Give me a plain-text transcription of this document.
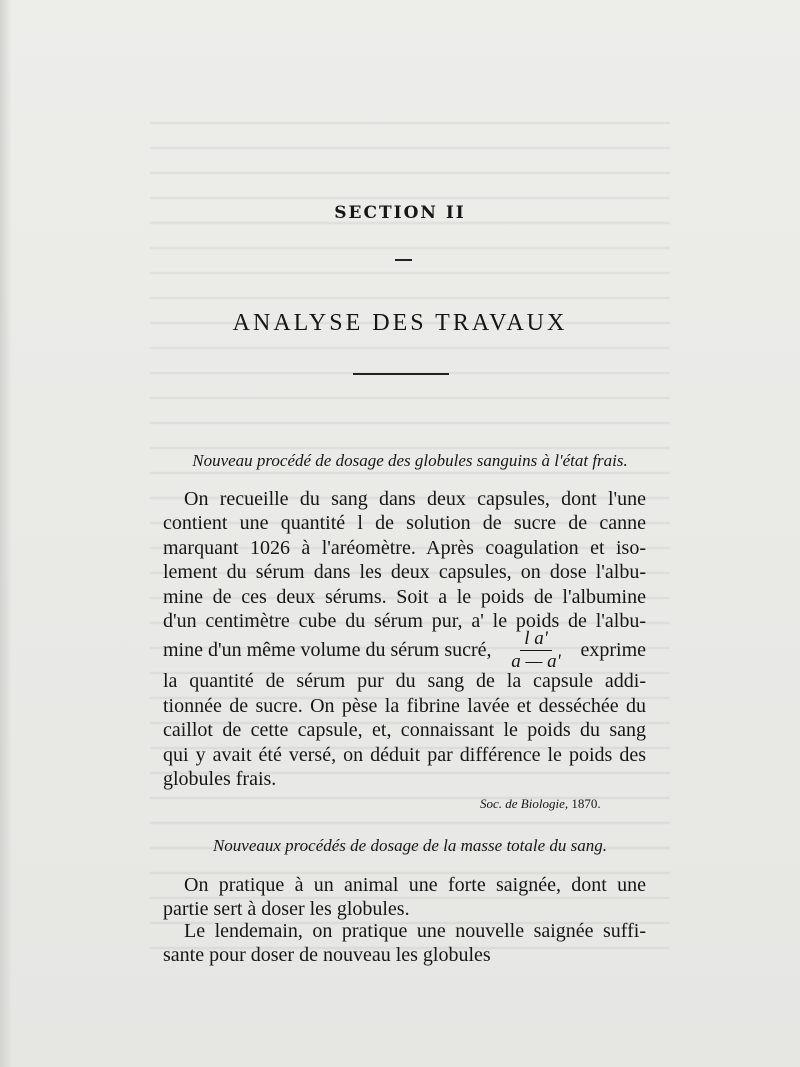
SECTION II
ANALYSE DES TRAVAUX

Nouveau procédé de dosage des globules sanguins à l'état frais.

On recueille du sang dans deux capsules, dont l'une
contient une quantité l de solution de sucre de canne
marquant 1026 à l'aréomètre. Après coagulation et iso-
lement du sérum dans les deux capsules, on dose l'albu-
mine de ces deux sérums. Soit a le poids de l'albumine
d'un centimètre cube du sérum pur, a' le poids de l'albu-
mine d'un même volume du sérum sucré, $\frac{\text{l a'}}{a — a'}$ exprime
la quantité de sérum pur du sang de la capsule addi-
tionnée de sucre. On pèse la fibrine lavée et desséchée du
caillot de cette capsule, et, connaissant le poids du sang
qui y avait été versé, on déduit par différence le poids des
globules frais.

Soc. de Biologie, 1870.

Nouveaux procédés de dosage de la masse totale du sang.

On pratique à un animal une forte saignée, dont une
partie sert à doser les globules.
Le lendemain, on pratique une nouvelle saignée suffi-
sante pour doser de nouveau les globules
